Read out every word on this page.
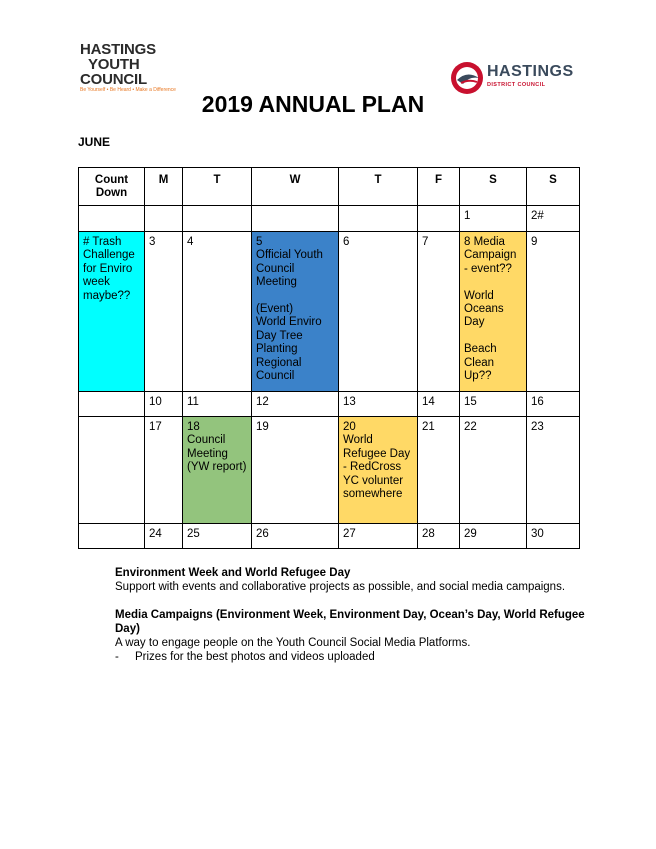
HASTINGS
YOUTH
COUNCIL
Be Yourself • Be Heard • Make a Difference
HASTINGS
DISTRICT COUNCIL
2019 ANNUAL PLAN
JUNE
Count Down	M	T	W	T	F	S	S
						1	2#

# Trash Challenge for Enviro week maybe??	3	4	5
Official Youth Council Meeting

(Event)
World Enviro Day Tree Planting Regional Council	6	7	8 Media Campaign - event??

World Oceans Day

Beach Clean Up??	9
	10	11	12	13	14	15	16
	17	18
Council Meeting (YW report)	19	20
World Refugee Day
- RedCross YC volunter somewhere	21	22	23
	24	25	26	27	28	29	30

Environment Week and World Refugee Day

Support with events and collaborative projects as possible, and social media campaigns.

Media Campaigns (Environment Week, Environment Day, Ocean’s Day, World Refugee Day)

A way to engage people on the Youth Council Social Media Platforms.

-	Prizes for the best photos and videos uploaded
